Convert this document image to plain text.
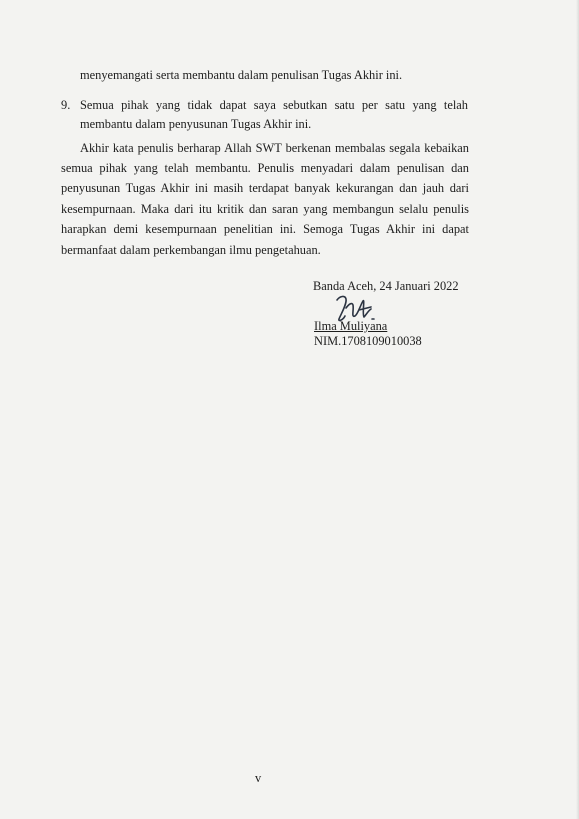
menyemangati serta membantu dalam penulisan Tugas Akhir ini.
9. Semua pihak yang tidak dapat saya sebutkan satu per satu yang telah
membantu dalam penyusunan Tugas Akhir ini.
Akhir kata penulis berharap Allah SWT berkenan membalas segala kebaikan
semua pihak yang telah membantu. Penulis menyadari dalam penulisan dan
penyusunan Tugas Akhir ini masih terdapat banyak kekurangan dan jauh dari
kesempurnaan. Maka dari itu kritik dan saran yang membangun selalu penulis
harapkan demi kesempurnaan penelitian ini. Semoga Tugas Akhir ini dapat
bermanfaat dalam perkembangan ilmu pengetahuan.
Banda Aceh, 24 Januari 2022
Ilma Muliyana
NIM.1708109010038
v
